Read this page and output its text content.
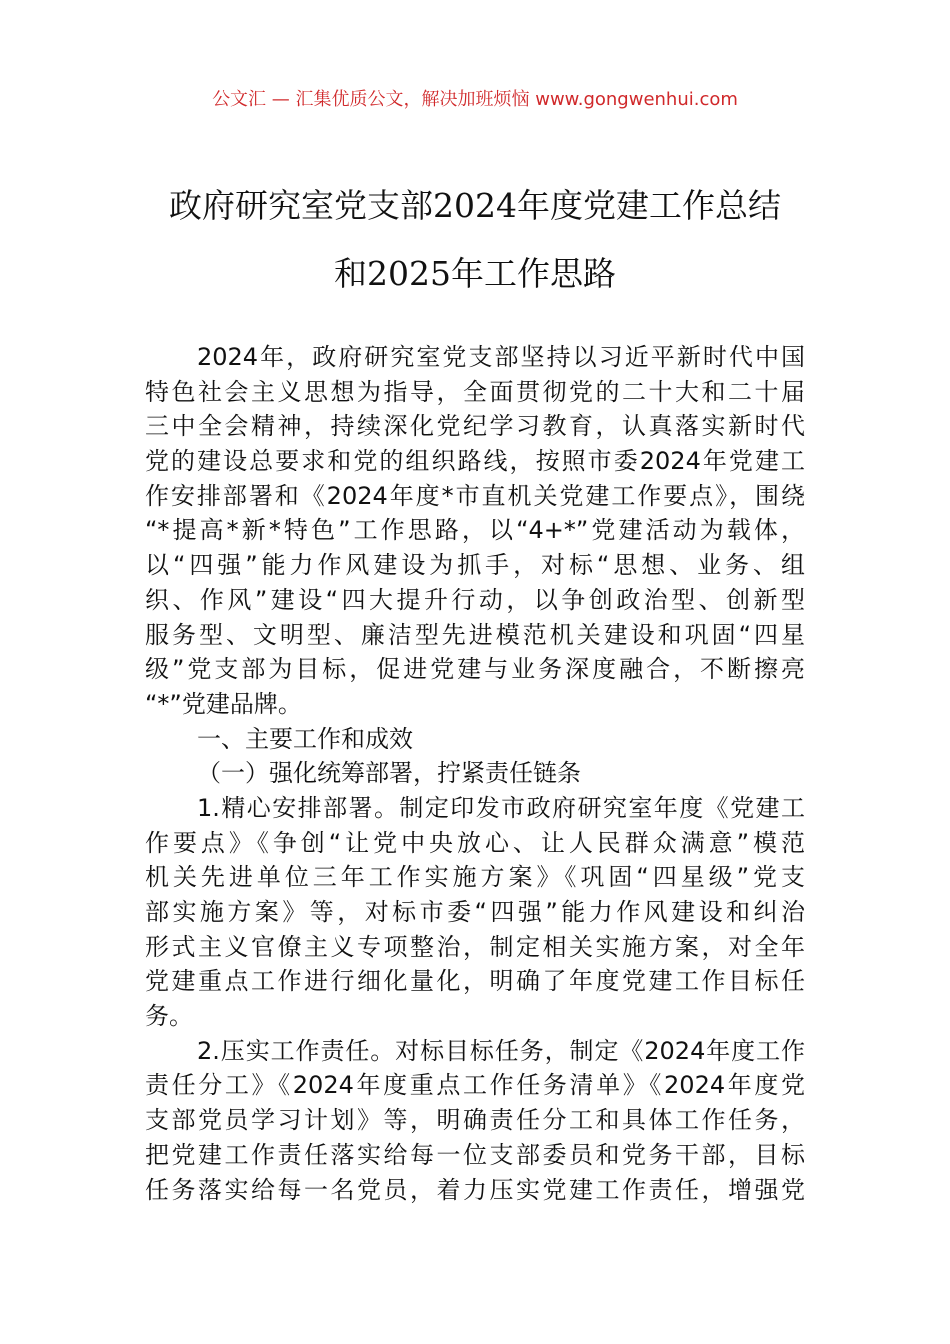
公文汇 — 汇集优质公文，解决加班烦恼 www.gongwenhui.com
政府研究室党支部2024年度党建工作总结
和2025年工作思路
2024年，政府研究室党支部坚持以习近平新时代中国
特色社会主义思想为指导，全面贯彻党的二十大和二十届
三中全会精神，持续深化党纪学习教育，认真落实新时代
党的建设总要求和党的组织路线，按照市委2024年党建工
作安排部署和《2024年度*市直机关党建工作要点》，围绕
“*提高*新*特色”工作思路，以“4+*”党建活动为载体，
以“四强”能力作风建设为抓手，对标“思想、业务、组
织、作风”建设“四大提升行动，以争创政治型、创新型
服务型、文明型、廉洁型先进模范机关建设和巩固“四星
级”党支部为目标，促进党建与业务深度融合，不断擦亮
“*”党建品牌。
一、主要工作和成效
（一）强化统筹部署，拧紧责任链条
1.精心安排部署。制定印发市政府研究室年度《党建工
作要点》《争创“让党中央放心、让人民群众满意”模范
机关先进单位三年工作实施方案》《巩固“四星级”党支
部实施方案》等，对标市委“四强”能力作风建设和纠治
形式主义官僚主义专项整治，制定相关实施方案，对全年
党建重点工作进行细化量化，明确了年度党建工作目标任
务。
2.压实工作责任。对标目标任务，制定《2024年度工作
责任分工》《2024年度重点工作任务清单》《2024年度党
支部党员学习计划》等，明确责任分工和具体工作任务，
把党建工作责任落实给每一位支部委员和党务干部，目标
任务落实给每一名党员，着力压实党建工作责任，增强党
